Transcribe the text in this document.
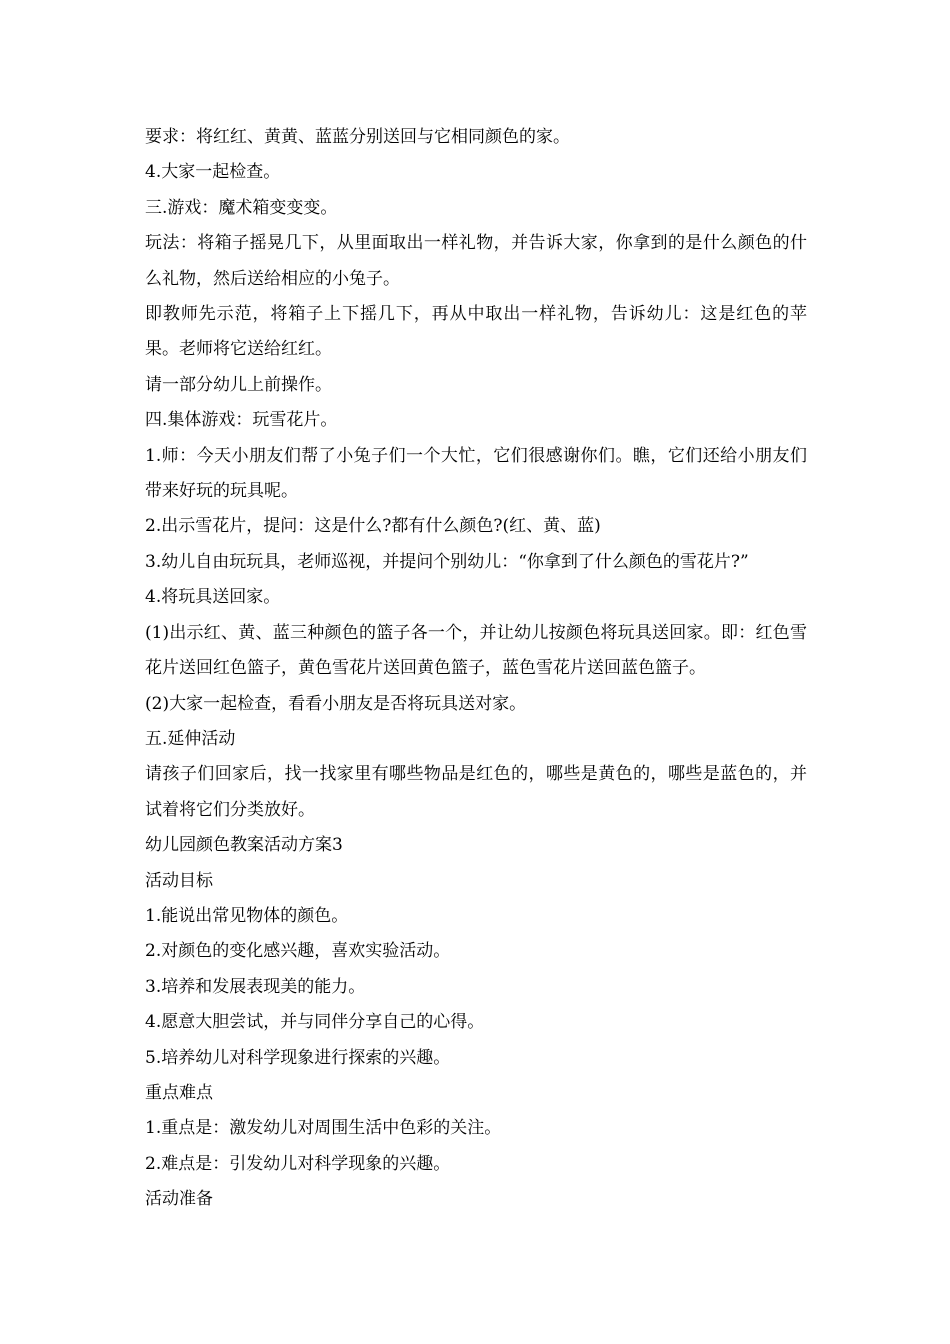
要求：将红红、黄黄、蓝蓝分别送回与它相同颜色的家。

4.大家一起检查。

三.游戏：魔术箱变变变。

玩法：将箱子摇晃几下，从里面取出一样礼物，并告诉大家，你拿到的是什么颜色的什么礼物，然后送给相应的小兔子。

即教师先示范，将箱子上下摇几下，再从中取出一样礼物，告诉幼儿：这是红色的苹果。老师将它送给红红。

请一部分幼儿上前操作。

四.集体游戏：玩雪花片。

1.师：今天小朋友们帮了小兔子们一个大忙，它们很感谢你们。瞧，它们还给小朋友们带来好玩的玩具呢。

2.出示雪花片，提问：这是什么?都有什么颜色?(红、黄、蓝)

3.幼儿自由玩玩具，老师巡视，并提问个别幼儿：“你拿到了什么颜色的雪花片?”

4.将玩具送回家。

(1)出示红、黄、蓝三种颜色的篮子各一个，并让幼儿按颜色将玩具送回家。即：红色雪花片送回红色篮子，黄色雪花片送回黄色篮子，蓝色雪花片送回蓝色篮子。

(2)大家一起检查，看看小朋友是否将玩具送对家。

五.延伸活动

请孩子们回家后，找一找家里有哪些物品是红色的，哪些是黄色的，哪些是蓝色的，并试着将它们分类放好。

幼儿园颜色教案活动方案3

活动目标

1.能说出常见物体的颜色。

2.对颜色的变化感兴趣，喜欢实验活动。

3.培养和发展表现美的能力。

4.愿意大胆尝试，并与同伴分享自己的心得。

5.培养幼儿对科学现象进行探索的兴趣。

重点难点

1.重点是：激发幼儿对周围生活中色彩的关注。

2.难点是：引发幼儿对科学现象的兴趣。

活动准备
